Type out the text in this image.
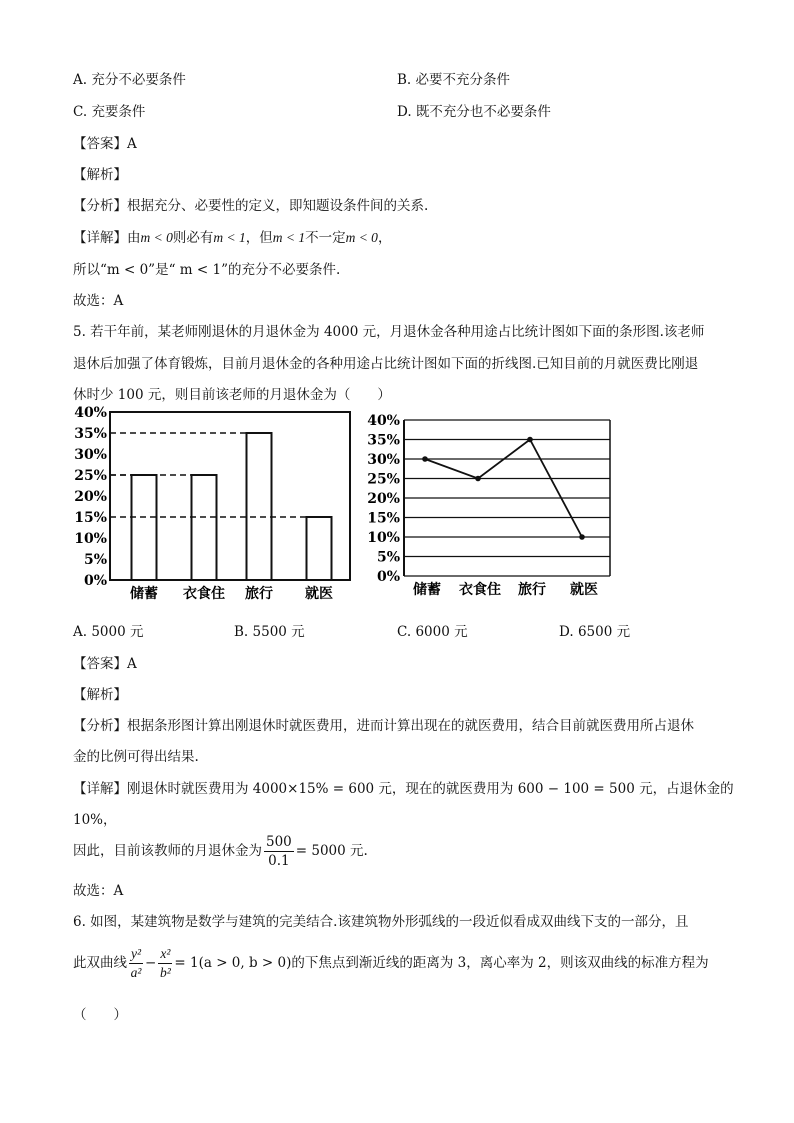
A. 充分不必要条件	B. 必要不充分条件
C. 充要条件	D. 既不充分也不必要条件
【答案】A
【解析】
【分析】根据充分、必要性的定义，即知题设条件间的关系.
【详解】由m < 0则必有m < 1，但m < 1不一定m < 0，
所以“m < 0”是“ m < 1”的充分不必要条件.
故选：A
5. 若干年前，某老师刚退休的月退休金为 4000 元，月退休金各种用途占比统计图如下面的条形图.该老师
退休后加强了体育锻炼，目前月退休金的各种用途占比统计图如下面的折线图.已知目前的月就医费比刚退
休时少 100 元，则目前该老师的月退休金为（　　）
0%
5%
10%
15%
20%
25%
30%
35%
40%
储蓄 衣食住 旅行 就医
0%
5%
10%
15%
20%
25%
30%
35%
40%
储蓄 衣食住 旅行 就医
A. 5000 元	B. 5500 元	C. 6000 元	D. 6500 元
【答案】A
【解析】
【分析】根据条形图计算出刚退休时就医费用，进而计算出现在的就医费用，结合目前就医费用所占退休
金的比例可得出结果.
【详解】刚退休时就医费用为 4000×15% = 600 元，现在的就医费用为 600 − 100 = 500 元，占退休金的
10%，
因此，目前该教师的月退休金为 $\frac{500}{0.1} = 5000$ 元.
故选：A
6. 如图，某建筑物是数学与建筑的完美结合.该建筑物外形弧线的一段近似看成双曲线下支的一部分，且
此双曲线 $\frac{\text{y²}}{\text{a²}} - \frac{\text{x²}}{\text{b²}} = 1(a > 0$, b > 0)的下焦点到渐近线的距离为 3，离心率为 2，则该双曲线的标准方程为
（　　）
